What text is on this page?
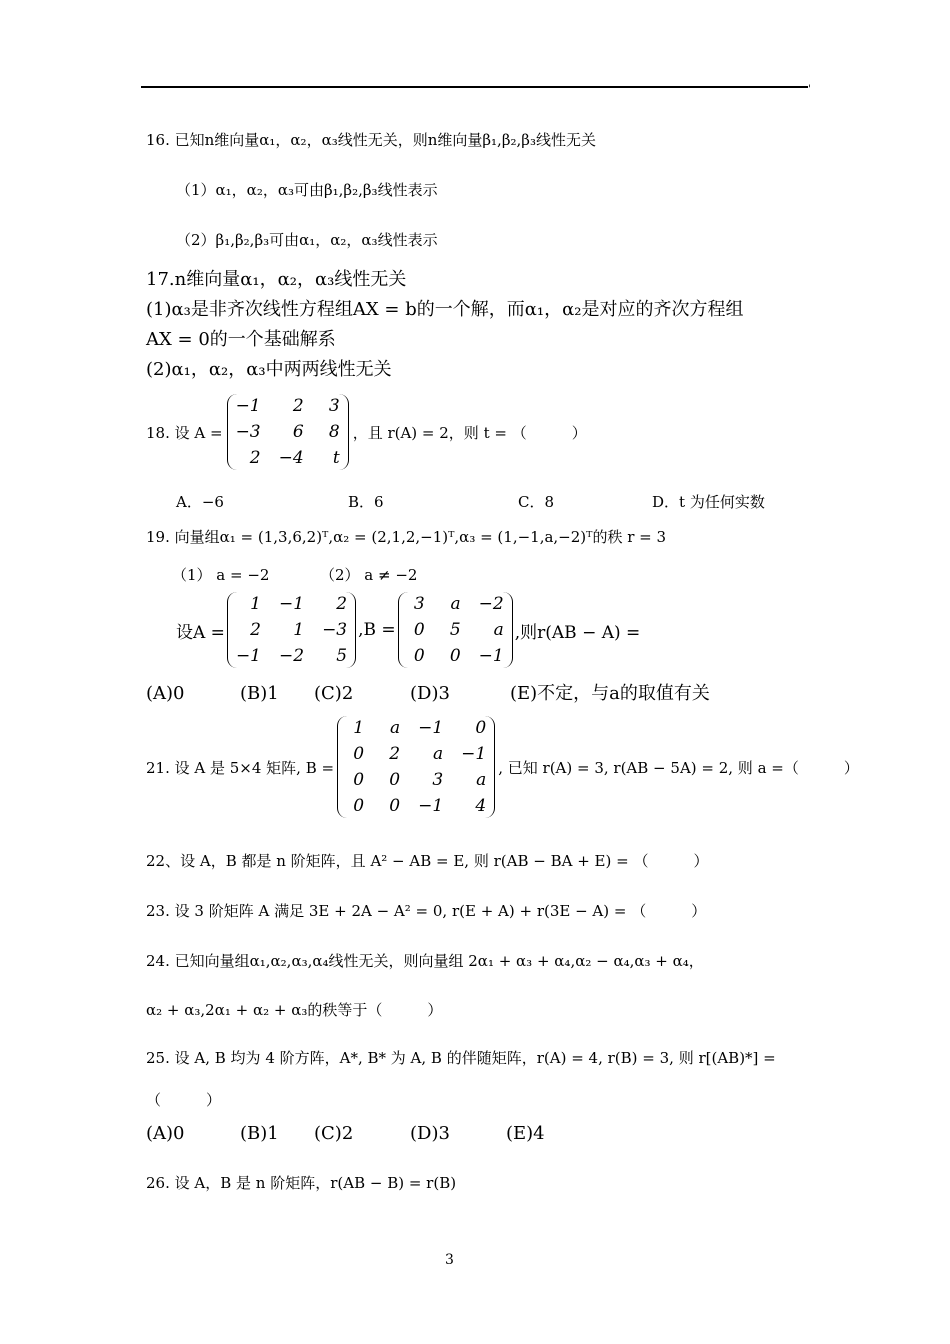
'
16. 已知n维向量α₁，α₂，α₃线性无关，则n维向量β₁,β₂,β₃线性无关
（1）α₁，α₂，α₃可由β₁,β₂,β₃线性表示
（2）β₁,β₂,β₃可由α₁，α₂，α₃线性表示
17.n维向量α₁，α₂，α₃线性无关
(1)α₃是非齐次线性方程组AX = b的一个解，而α₁，α₂是对应的齐次方程组
AX = 0的一个基础解系
(2)α₁，α₂，α₃中两两线性无关
18. 设 A =
−1	2	3
−3	6	8
2 −4	t
，且 r(A) = 2，则 t = （　　　）
A．−6	B．6	C．8	D．t 为任何实数
19. 向量组α₁ = (1,3,6,2)ᵀ,α₂ = (2,1,2,−1)ᵀ,α₃ = (1,−1,a,−2)ᵀ的秩 r = 3
（1） a = −2	（2） a ≠ −2
设A =
1 −1	2
2	1 −3
−1 −2	5
,B =
3	a −2
0	5	a
0	0 −1
,则r(AB − A) =
(A)0	(B)1 (C)2	(D)3	(E)不定，与a的取值有关
21. 设 A 是 5×4 矩阵, B =
1	a −1	0
0	2	a −1
0	0	3	a
0	0 −1	4
, 已知 r(A) = 3, r(AB − 5A) = 2, 则 a =（　　　）
22、设 A，B 都是 n 阶矩阵，且 A² − AB = E, 则 r(AB − BA + E) = （　　　）
23. 设 3 阶矩阵 A 满足 3E + 2A − A² = 0, r(E + A) + r(3E − A) = （　　　）
24. 已知向量组α₁,α₂,α₃,α₄线性无关，则向量组 2α₁ + α₃ + α₄,α₂ − α₄,α₃ + α₄，
α₂ + α₃,2α₁ + α₂ + α₃的秩等于（　　　）
25. 设 A, B 均为 4 阶方阵，A*, B* 为 A, B 的伴随矩阵，r(A) = 4, r(B) = 3, 则 r[(AB)*] =
（　　　）
(A)0	(B)1 (C)2	(D)3	(E)4
26. 设 A，B 是 n 阶矩阵，r(AB − B) = r(B)
3
